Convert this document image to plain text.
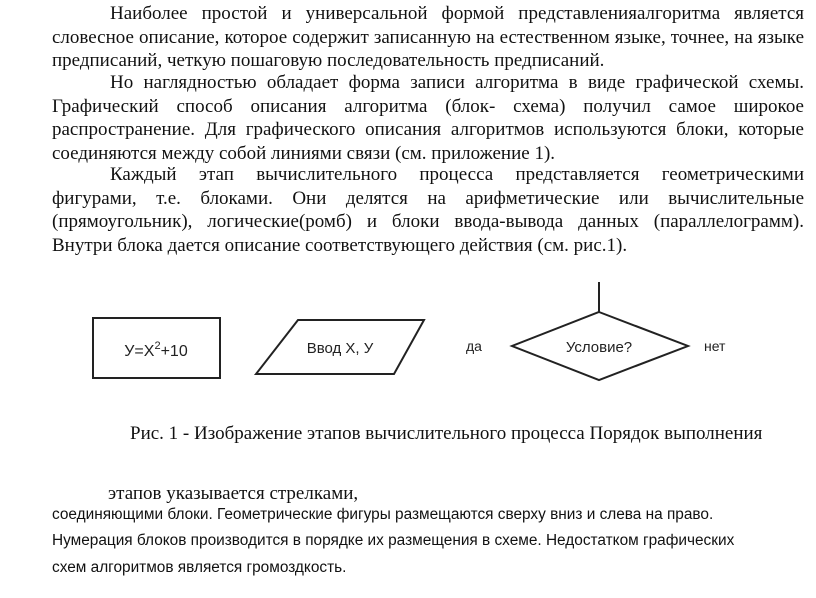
Наиболее простой и универсальной формой представленияалгоритма является словесное описание, которое содержит записанную на естественном языке, точнее, на языке предписаний, четкую пошаговую последовательность предписаний.

Но наглядностью обладает форма записи алгоритма в виде графической схемы. Графический способ описания алгоритма (блок- схема) получил самое широкое распространение. Для графического описания алгоритмов используются блоки, которые соединяются между собой линиями связи (см. приложение 1).

Каждый этап вычислительного процесса представляется геометрическими фигурами, т.е. блоками. Они делятся на арифметические или вычислительные (прямоугольник), логические(ромб) и блоки ввода-вывода данных (параллелограмм). Внутри блока дается описание соответствующего действия (см. рис.1).

$У=Х^2+10$	Ввод Х, У	Условие?
да	нет

Рис. 1 - Изображение этапов вычислительного процесса Порядок выполнения

этапов указывается стрелками,

соединяющими блоки. Геометрические фигуры размещаются сверху вниз и слева на право.

Нумерация блоков производится в порядке их размещения в схеме. Недостатком графических

схем алгоритмов является громоздкость.
